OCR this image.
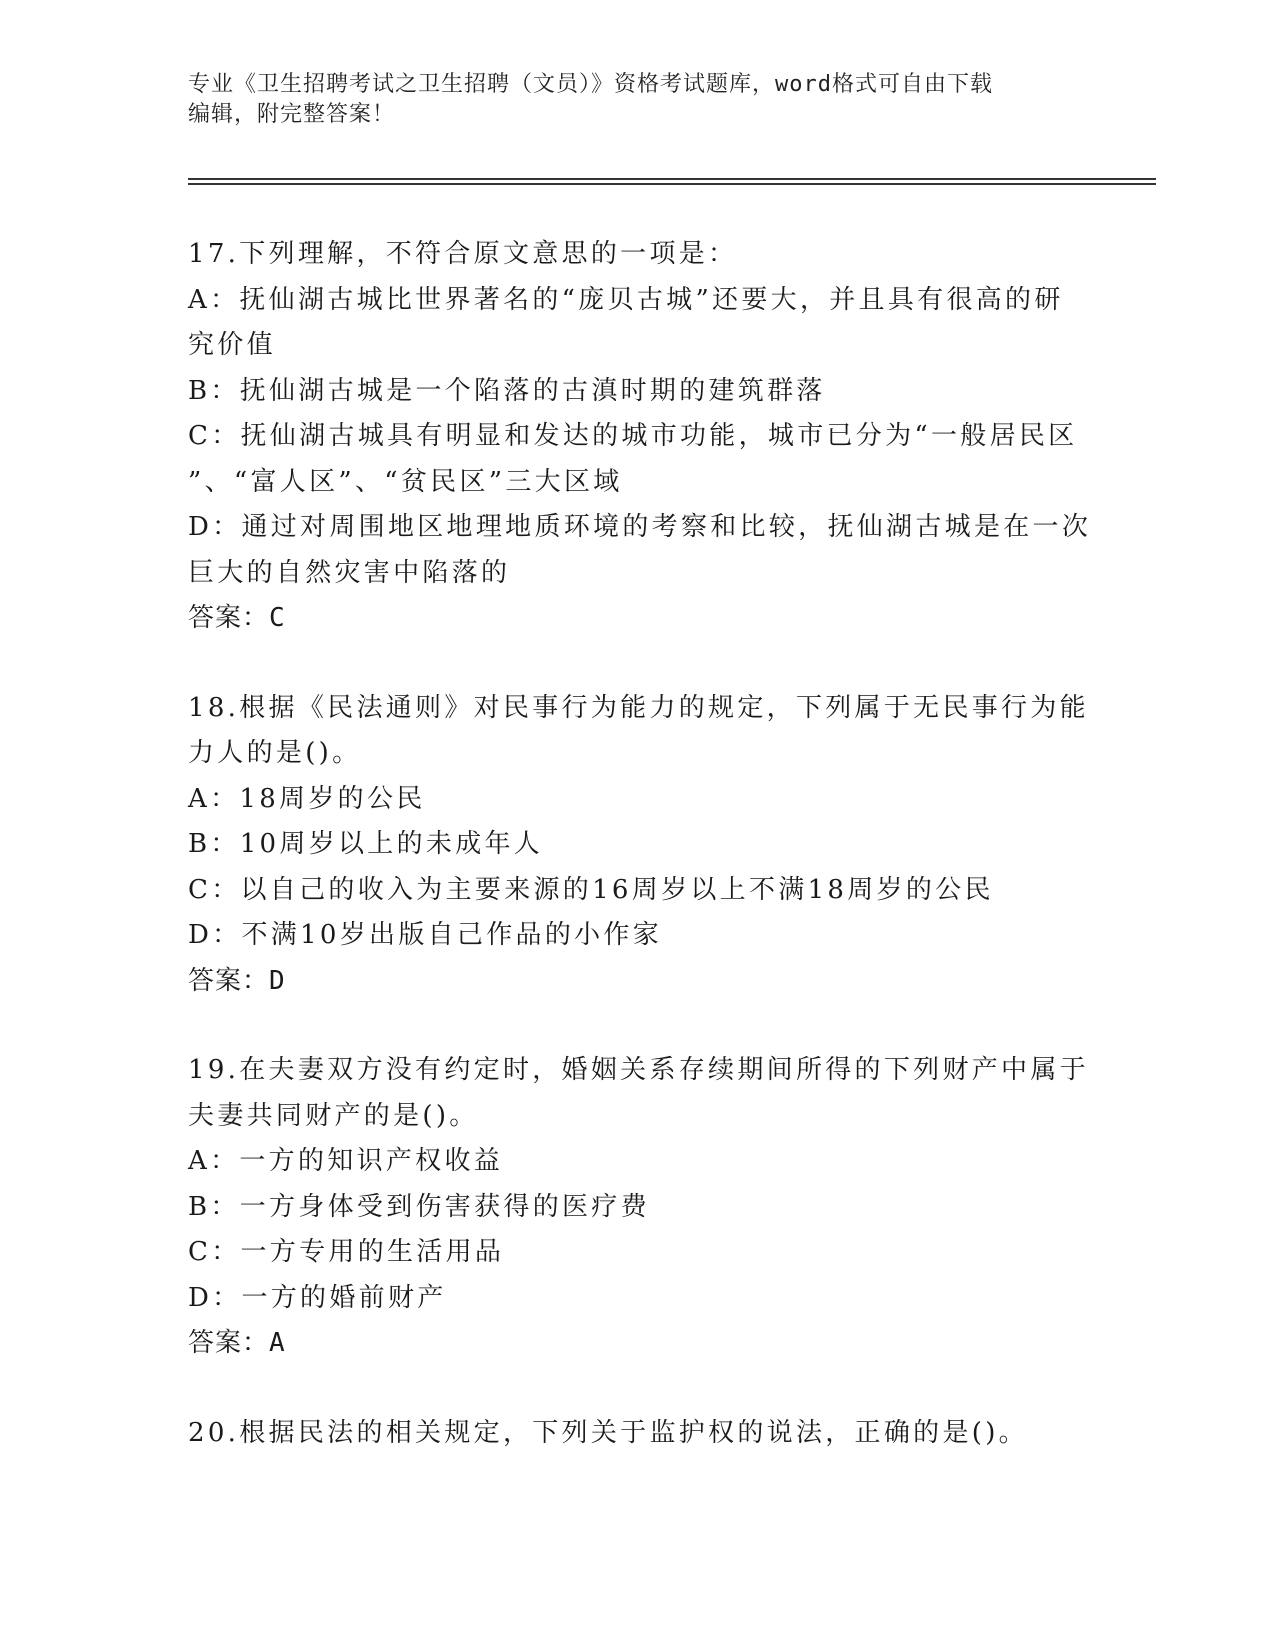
专业《卫生招聘考试之卫生招聘（文员）》资格考试题库，word格式可自由下载
编辑，附完整答案！
17.下列理解，不符合原文意思的一项是：
A：抚仙湖古城比世界著名的“庞贝古城”还要大，并且具有很高的研
究价值
B：抚仙湖古城是一个陷落的古滇时期的建筑群落
C：抚仙湖古城具有明显和发达的城市功能，城市已分为“一般居民区
”、“富人区”、“贫民区”三大区域
D：通过对周围地区地理地质环境的考察和比较，抚仙湖古城是在一次
巨大的自然灾害中陷落的
答案：C
18.根据《民法通则》对民事行为能力的规定，下列属于无民事行为能
力人的是()。
A：18周岁的公民
B：10周岁以上的未成年人
C：以自己的收入为主要来源的16周岁以上不满18周岁的公民
D：不满10岁出版自己作品的小作家
答案：D
19.在夫妻双方没有约定时，婚姻关系存续期间所得的下列财产中属于
夫妻共同财产的是()。
A：一方的知识产权收益
B：一方身体受到伤害获得的医疗费
C：一方专用的生活用品
D：一方的婚前财产
答案：A
20.根据民法的相关规定，下列关于监护权的说法，正确的是()。
